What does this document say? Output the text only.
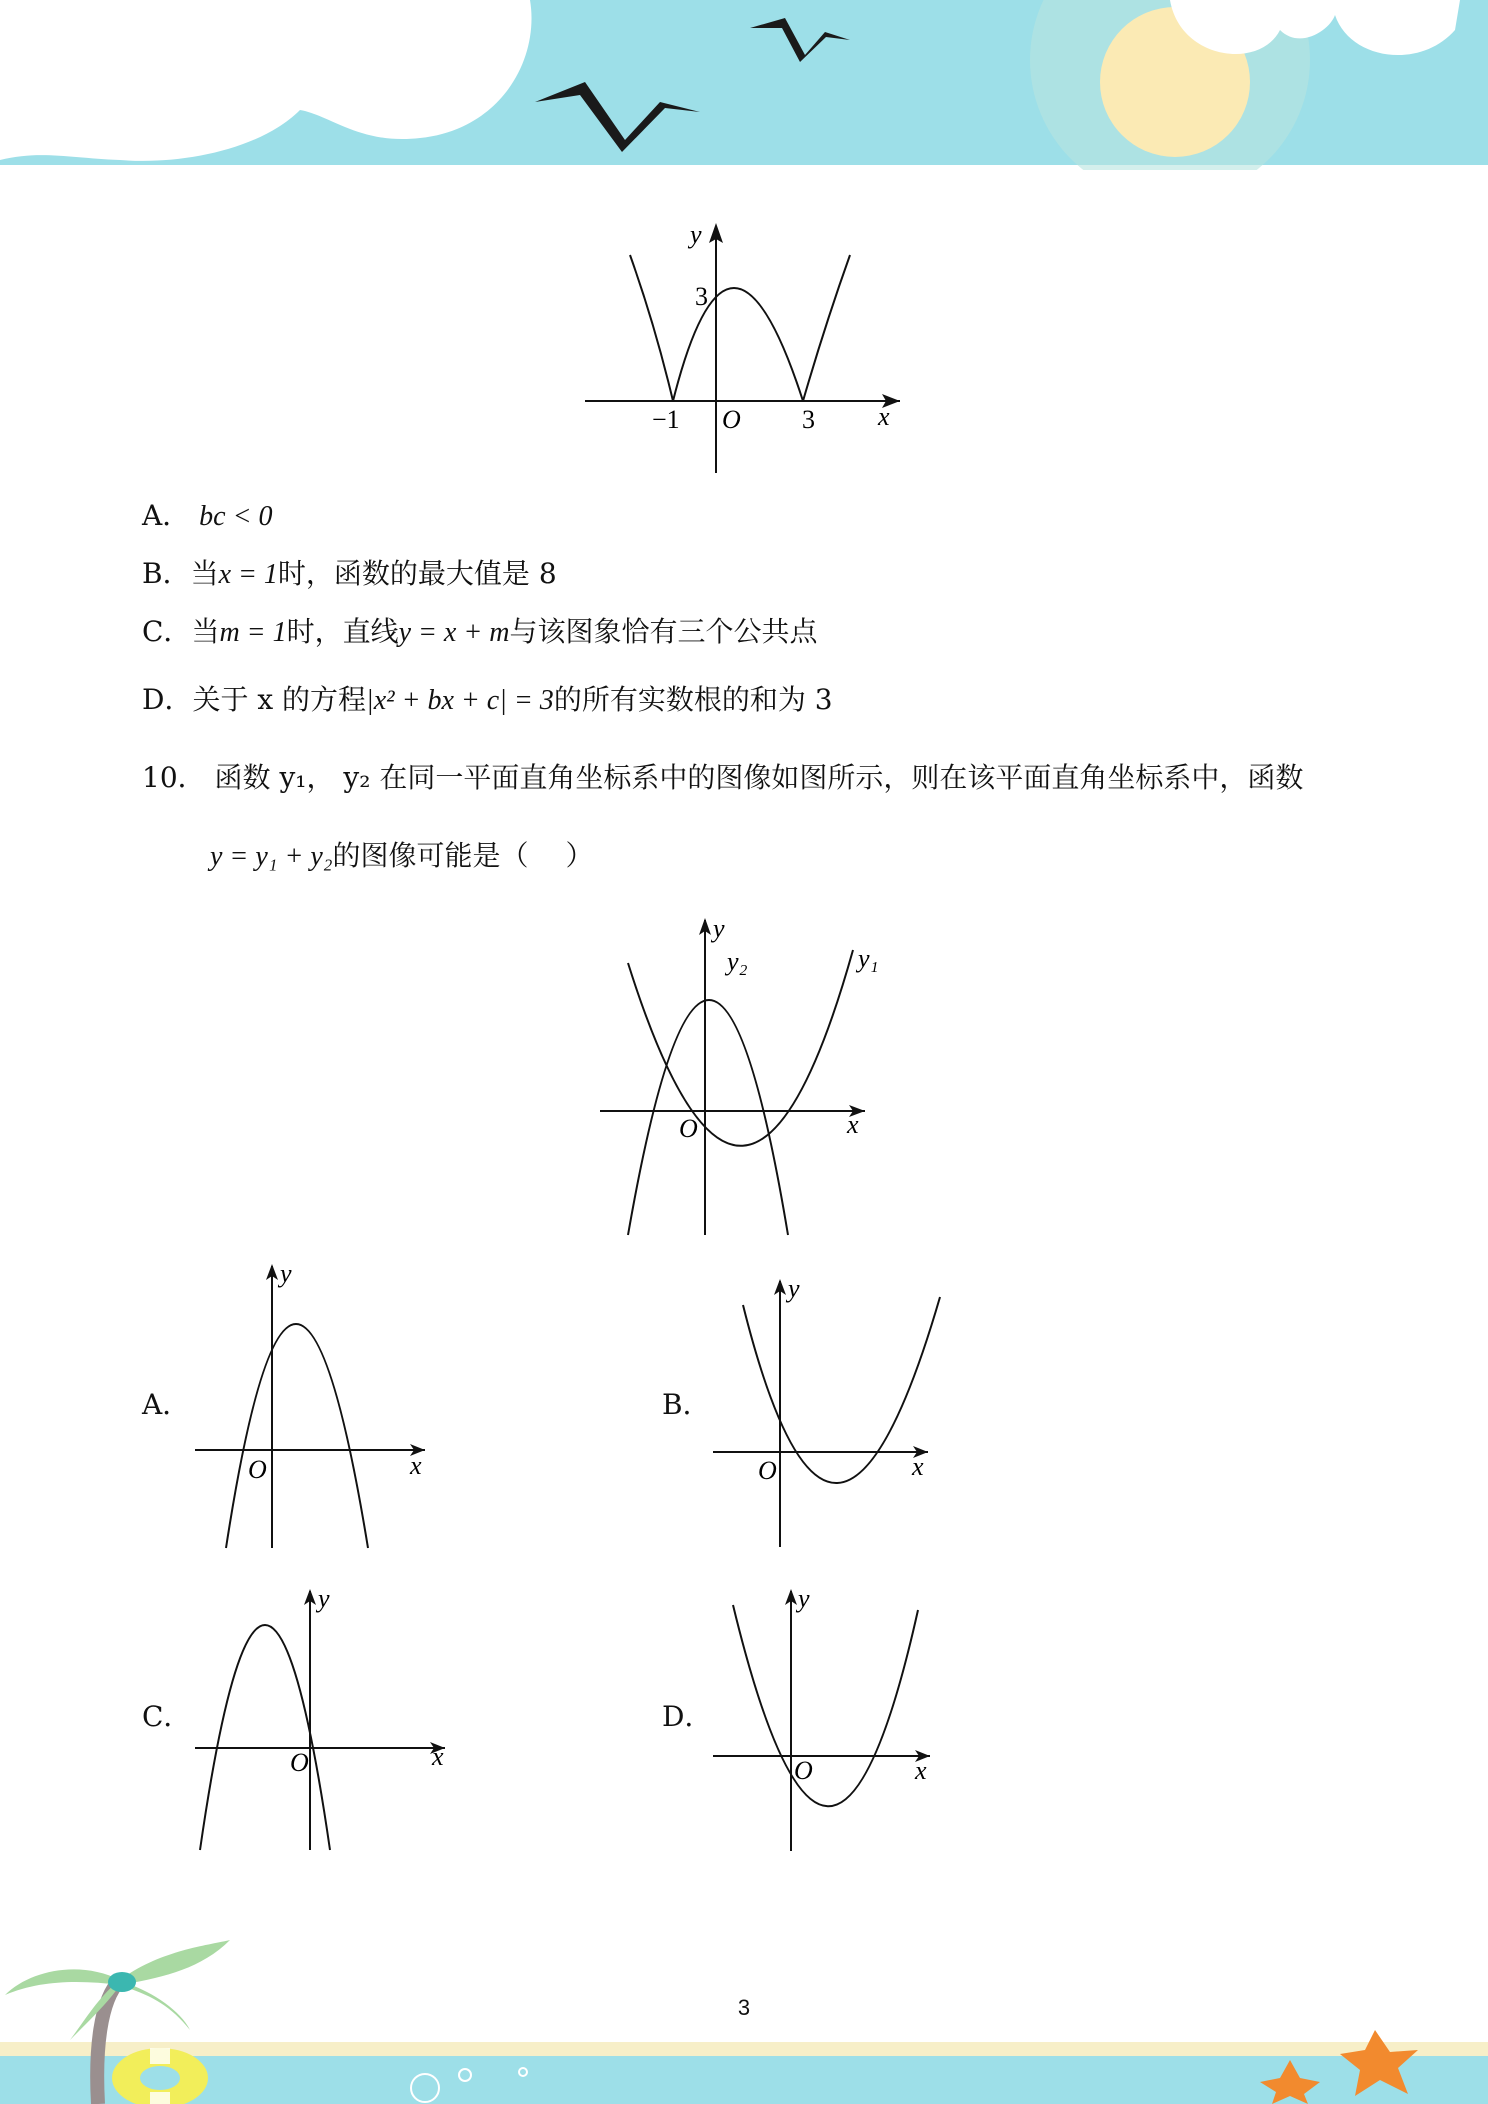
y
x
O
3
−1	3
A． bc < 0
B．当x = 1时，函数的最大值是 8
C．当m = 1时，直线y = x + m与该图象恰有三个公共点
D．关于 x 的方程|x² + bx + c| = 3的所有实数根的和为 3
10． 函数 y₁， y₂ 在同一平面直角坐标系中的图像如图所示，则在该平面直角坐标系中，函数
y = y₁ + y₂的图像可能是（　 ）
y
x
O
y₂	y₁
A．
y
x
O
B．
y
x
O
C．
y
x
O
D．
y
x
O
3
